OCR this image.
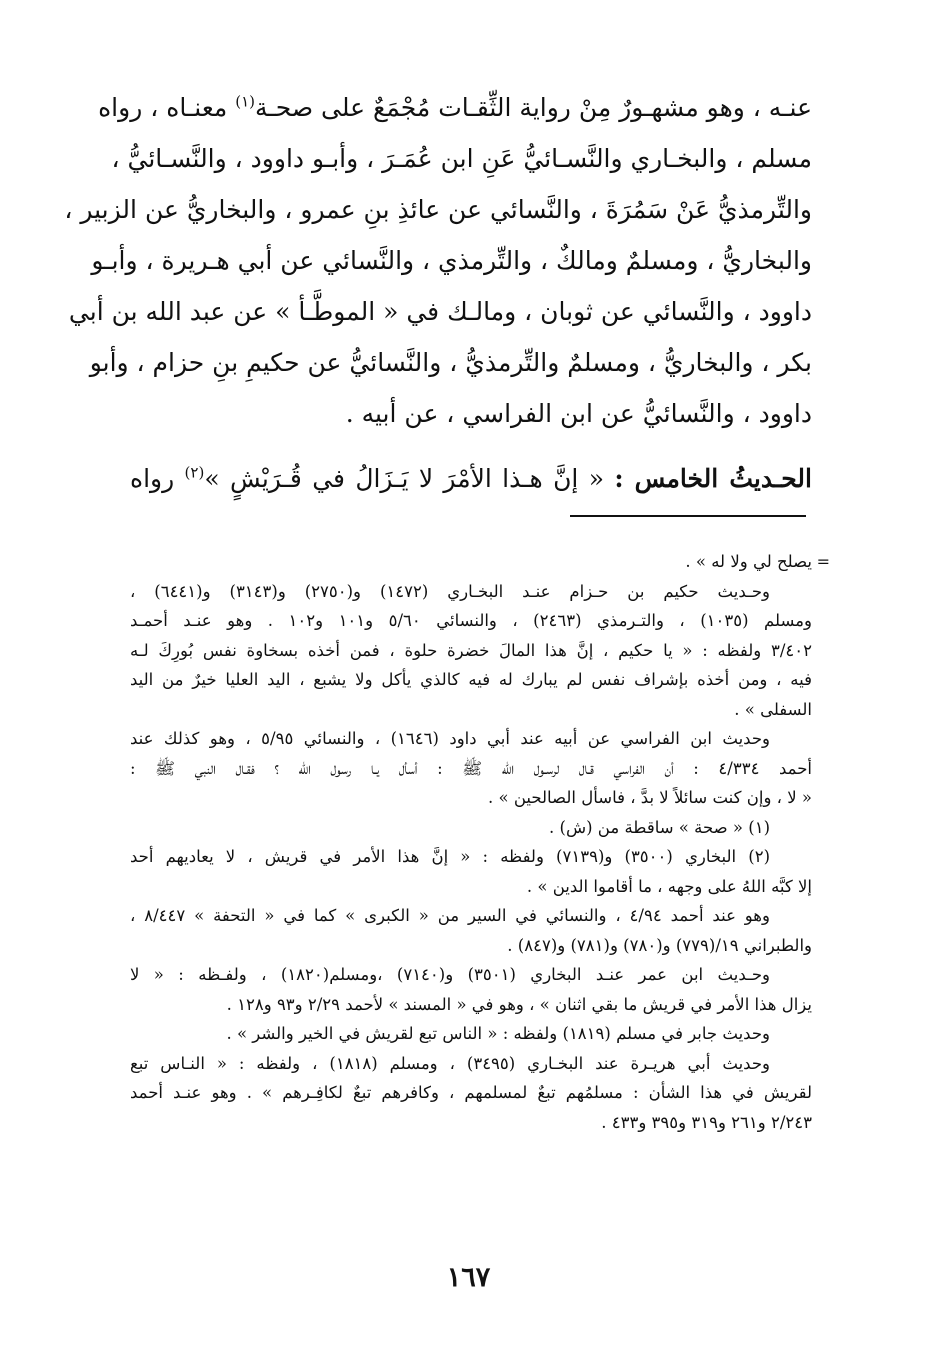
عنـه ، وهو مشهـورٌ مِنْ رواية الثِّقـات مُجْمَعٌ على صحـة$^{(١)}$ معنـاه ، رواه
مسلم ، والبخـاري والنَّسـائيُّ عَنِ ابن عُمَـرَ ، وأبـو داوود ، والنَّسـائيُّ ،
والتِّرمذيُّ عَنْ سَمُرَةَ ، والنَّسائي عن عائذِ بنِ عمرو ، والبخاريُّ عن الزبير ،
والبخاريُّ ، ومسلمٌ ومالكٌ ، والتِّرمذي ، والنَّسائي عن أبي هـريرة ، وأبـو
داوود ، والنَّسائي عن ثوبان ، ومالـك في « الموطَّـأ » عن عبد الله بن أبي
بكر ، والبخاريُّ ، ومسلمٌ والتِّرمذيُّ ، والنَّسائيُّ عن حكيمِ بنِ حزام ، وأبو
داوود ، والنَّسائيُّ عن ابن الفراسي ، عن أبيه .
الحـديثُ الخامس : « إنَّ هـذا الأمْرَ لا يَـزَالُ في قُـرَيْشٍ »$^{(٢)}$ رواه
=
يصلح لي ولا له » .
وحـديث حكيم بن حـزام عنـد البخـاري (١٤٧٢) و(٢٧٥٠) و(٣١٤٣) و(٦٤٤١) ،
ومسلم (١٠٣٥) ، والتـرمذي (٢٤٦٣) ، والنسائي ٥/٦٠ و١٠١ و١٠٢ . وهو عنـد أحمـد
٣/٤٠٢ ولفظه : « يا حكيم ، إنَّ هذا المالَ خضرة حلوة ، فمن أخذه بسخاوة نفس بُورِكَ لـه
فيه ، ومن أخذه بإشراف نفس لم يبارك له فيه كالذي يأكل ولا يشبع ، اليد العليا خيرٌ من اليد
السفلى » .
وحديث ابن الفراسي عن أبيه عند أبي داود (١٦٤٦) ، والنسائي ٥/٩٥ ، وهو كذلك عند
أحمد ٤/٣٣٤ : أن الفراسي قـال لرسـول الله ﷺ : أسأل يـا رسول الله ؟ فقـال النبي ﷺ :
« لا ، وإن كنت سائلاً لا بدَّ ، فاسأل الصالحين » .
(١) « صحة » ساقطة من (ش) .
(٢) البخاري (٣٥٠٠) و(٧١٣٩) ولفظه : « إنَّ هذا الأمر في قريش ، لا يعاديهم أحد
إلا كبَّه اللهُ على وجهه ، ما أقاموا الدين » .
وهو عند أحمد ٤/٩٤ ، والنسائي في السير من « الكبرى » كما في « التحفة » ٨/٤٤٧ ،
والطبراني ١٩/(٧٧٩) و(٧٨٠) و(٧٨١) و(٨٤٧) .
وحـديث ابن عمر عنـد البخاري (٣٥٠١) و(٧١٤٠) ،ومسلم(١٨٢٠) ، ولفـظه : « لا
يزال هذا الأمر في قريش ما بقي اثنان » ، وهو في « المسند » لأحمد ٢/٢٩ و٩٣ و١٢٨ .
وحديث جابر في مسلم (١٨١٩) ولفظه : « الناس تبع لقريش في الخير والشر » .
وحديث أبي هريـرة عند البخـاري (٣٤٩٥) ، ومسلم (١٨١٨) ، ولفظه : « النـاس تبع
لقريش في هذا الشأن : مسلمُهم تبعٌ لمسلمهم ، وكافرهم تبعٌ لكافِـرهم » . وهو عنـد أحمد
٢/٢٤٣ و٢٦١ و٣١٩ و٣٩٥ و٤٣٣ .
١٦٧
